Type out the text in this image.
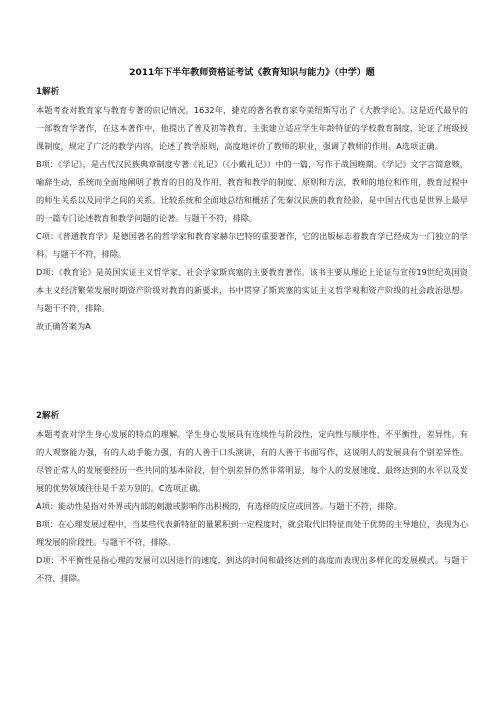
2011年下半年教师资格证考试《教育知识与能力》（中学）题

1解析

本题考查对教育家与教育专著的识记情况。1632年，捷克的著名教育家夸美纽斯写出了《大教学论》。这是近代最早的一部教育学著作，在这本著作中，他提出了普及初等教育，主张建立适应学生年龄特征的学校教育制度，论证了班级授课制度，规定了广泛的教学内容，论述了教学原则，高度地评价了教师的职业，强调了教师的作用。A选项正确。

B项：《学记》，是古代汉民族典章制度专著《礼记》（《小戴礼记》）中的一篇，写作于战国晚期。《学记》文字言简意赅，喻辞生动，系统而全面地阐明了教育的目的及作用，教育和教学的制度、原则和方法，教师的地位和作用，教育过程中的师生关系以及同学之间的关系。比较系统和全面地总结和概括了先秦汉民族的教育经验，是中国古代也是世界上最早的一篇专门论述教育和教学问题的论著。与题干不符，排除。

C项：《普通教育学》是德国著名的哲学家和教育家赫尔巴特的重要著作，它的出版标志着教育学已经成为一门独立的学科。与题干不符，排除。

D项：《教育论》是英国实证主义哲学家、社会学家斯宾塞的主要教育著作。该书主要从理论上论证与宣传19世纪英国资本主义经济繁荣发展时期资产阶级对教育的新要求，书中贯穿了斯宾塞的实证主义哲学观和资产阶级的社会政治思想。与题干不符，排除。

故正确答案为A

2解析

本题考查对学生身心发展的特点的理解。学生身心发展具有连续性与阶段性，定向性与顺序性，不平衡性，差异性。有的人观察能力强，有的人动手能力强，有的人善于口头演讲，有的人善于书面写作，这说明人的发展具有个别差异性。尽管正常人的发展要经历一些共同的基本阶段，但个别差异仍然非常明显，每个人的发展速度、最终达到的水平以及发展的优势领域往往是千差万别的。C选项正确。

A项：能动性是指对外界或内部的刺激或影响作出积极的，有选择的反应或回答。与题干不符，排除。

B项：在心理发展过程中，当某些代表新特征的量累积到一定程度时，就会取代旧特征而处于优势的主导地位，表现为心理发展的阶段性。与题干不符，排除。

D项：不平衡性是指心理的发展可以因进行的速度，到达的时间和最终达到的高度而表现出多样化的发展模式。与题干不符，排除。
